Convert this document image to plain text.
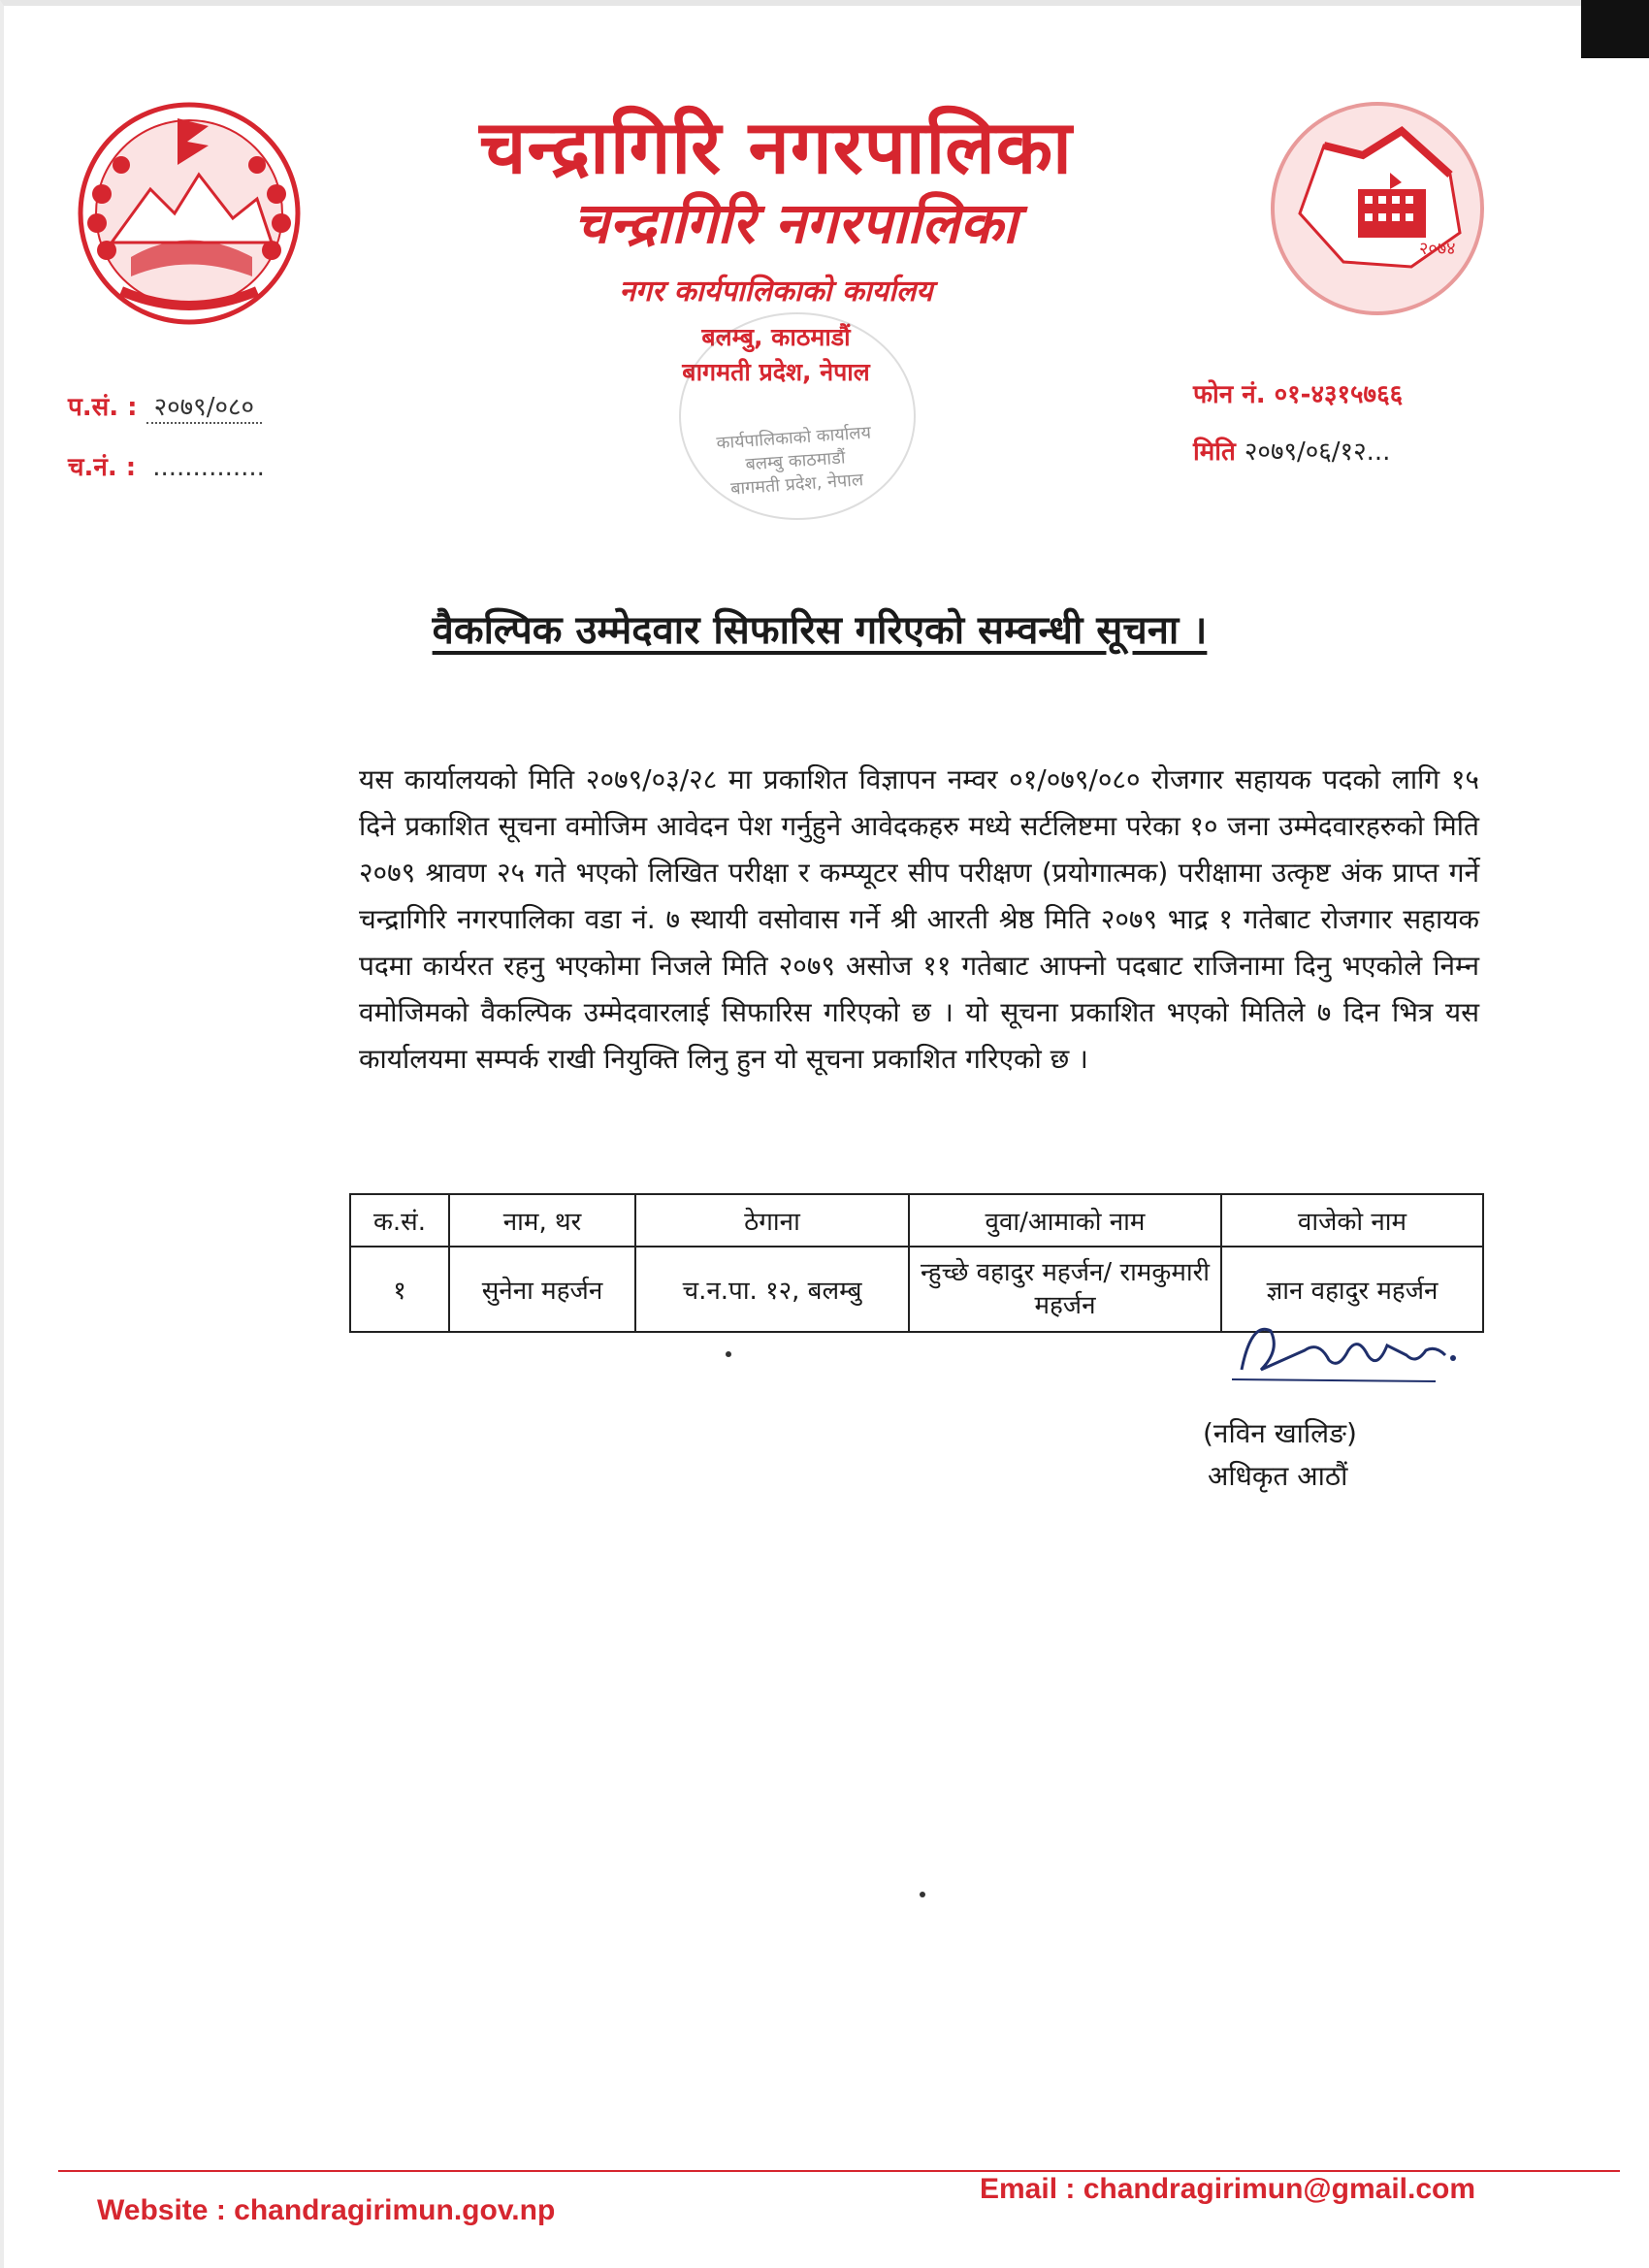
२०७४
चन्द्रागिरि नगरपालिका
चन्द्रागिरि नगरपालिका
नगर कार्यपालिकाको कार्यालय
बलम्बु, काठमाडौं
बागमती प्रदेश, नेपाल
कार्यपालिकाको कार्यालय
बलम्बु काठमाडौं
बागमती प्रदेश, नेपाल
प.सं. : २०७९/०८०
च.नं. : ..............
फोन नं. ०१-४३१५७६६
मिति २०७९/०६/१२...
वैकल्पिक उम्मेदवार सिफारिस गरिएको सम्वन्धी सूचना ।
यस कार्यालयको मिति २०७९/०३/२८ मा प्रकाशित विज्ञापन नम्वर ०१/०७९/०८० रोजगार सहायक पदको लागि १५ दिने प्रकाशित सूचना वमोजिम आवेदन पेश गर्नुहुने आवेदकहरु मध्ये सर्टलिष्टमा परेका १० जना उम्मेदवारहरुको मिति २०७९ श्रावण २५ गते भएको लिखित परीक्षा र कम्प्यूटर सीप परीक्षण (प्रयोगात्मक) परीक्षामा उत्कृष्ट अंक प्राप्त गर्ने चन्द्रागिरि नगरपालिका वडा नं. ७ स्थायी वसोवास गर्ने श्री आरती श्रेष्ठ मिति २०७९ भाद्र १ गतेबाट रोजगार सहायक पदमा कार्यरत रहनु भएकोमा निजले मिति २०७९ असोज ११ गतेबाट आफ्नो पदबाट राजिनामा दिनु भएकोले निम्न वमोजिमको वैकल्पिक उम्मेदवारलाई सिफारिस गरिएको छ । यो सूचना प्रकाशित भएको मितिले ७ दिन भित्र यस कार्यालयमा सम्पर्क राखी नियुक्ति लिनु हुन यो सूचना प्रकाशित गरिएको छ ।
क.सं.	नाम, थर	ठेगाना	वुवा/आमाको नाम	वाजेको नाम
१	सुनेना महर्जन	च.न.पा. १२, बलम्बु	न्हुच्छे वहादुर महर्जन/ रामकुमारी महर्जन	ज्ञान वहादुर महर्जन
(नविन खालिङ)
अधिकृत आठौं
Website : chandragirimun.gov.np
Email : chandragirimun@gmail.com
